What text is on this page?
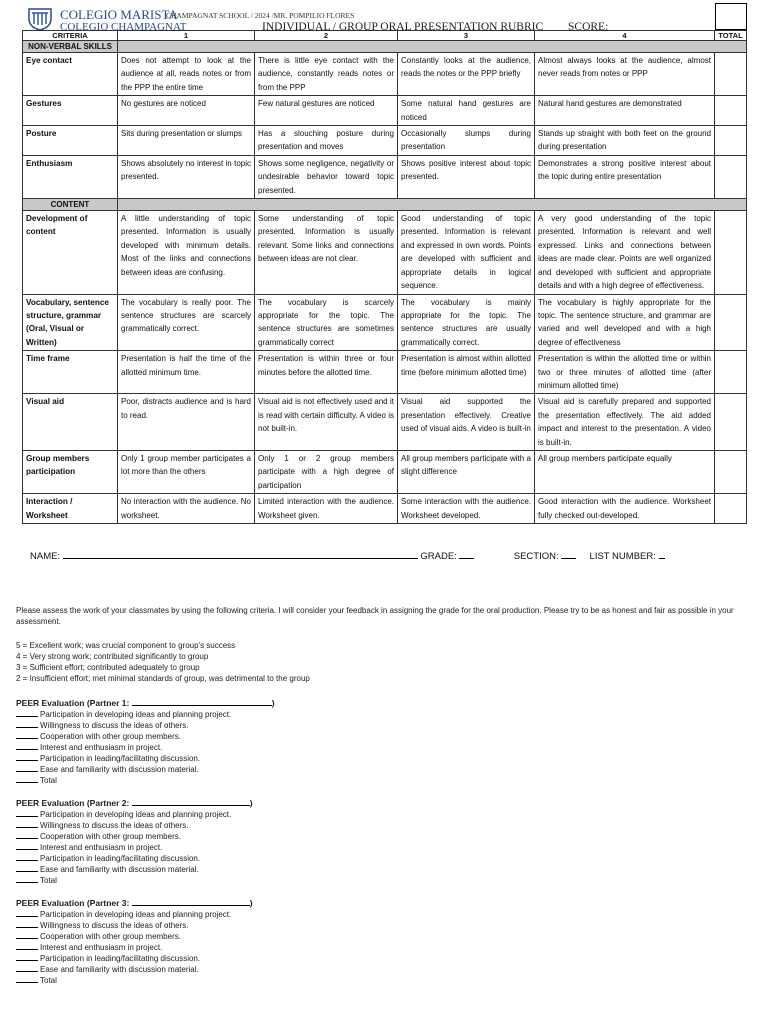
COLEGIO MARISTA
COLEGIO CHAMPAGNAT
CHAMPAGNAT SCHOOL / 2024 /MR. POMPILIO FLORES
INDIVIDUAL / GROUP ORAL PRESENTATION RUBRIC SCORE:
CRITERIA	1	2	3	4	TOTAL
NON-VERBAL SKILLS					
Eye contact	Does not attempt to look at the audience at all, reads notes or from the PPP the entire time	There is little eye contact with the audience, constantly reads notes or from the PPP	Constantly looks at the audience, reads the notes or the PPP briefly	Almost always looks at the audience, almost never reads from notes or PPP	
Gestures	No gestures are noticed	Few natural gestures are noticed	Some natural hand gestures are noticed	Natural hand gestures are demonstrated	
Posture	Sits during presentation or slumps	Has a slouching posture during presentation and moves	Occasionally slumps during presentation	Stands up straight with both feet on the ground during presentation	
Enthusiasm	Shows absolutely no interest in topic presented.	Shows some negligence, negativity or undesirable behavior toward topic presented.	Shows positive interest about topic presented.	Demonstrates a strong positive interest about the topic during entire presentation	
CONTENT					
Development of content	A little understanding of topic presented. Information is usually developed with minimum details. Most of the links and connections between ideas are confusing.	Some understanding of topic presented. Information is usually relevant. Some links and connections between ideas are not clear.	Good understanding of topic presented. Information is relevant and expressed in own words. Points are developed with sufficient and appropriate details in logical sequence.	A very good understanding of the topic presented. Information is relevant and well expressed. Links and connections between ideas are made clear. Points are well organized and developed with sufficient and appropriate details and with a high degree of effectiveness.	
Vocabulary, sentence structure, grammar (Oral, Visual or Written)	The vocabulary is really poor. The sentence structures are scarcely grammatically correct.	The vocabulary is scarcely appropriate for the topic. The sentence structures are sometimes grammatically correct	The vocabulary is mainly appropriate for the topic. The sentence structures are usually grammatically correct.	The vocabulary is highly appropriate for the topic. The sentence structure, and grammar are varied and well developed and with a high degree of effectiveness	
Time frame	Presentation is half the time of the allotted minimum time.	Presentation is within three or four minutes before the allotted time.	Presentation is almost within allotted time (before minimum allotted time)	Presentation is within the allotted time or within two or three minutes of allotted time (after minimum allotted time)	
Visual aid	Poor, distracts audience and is hard to read.	Visual aid is not effectively used and it is read with certain difficulty. A video is not built-in.	Visual aid supported the presentation effectively. Creative used of visual aids. A video is built-in	Visual aid is carefully prepared and supported the presentation effectively. The aid added impact and interest to the presentation. A video is built-in.	
Group members participation	Only 1 group member participates a lot more than the others	Only 1 or 2 group members participate with a high degree of participation	All group members participate with a slight difference	All group members participate equally	
Interaction / Worksheet	No interaction with the audience. No worksheet.	Limited interaction with the audience. Worksheet given.	Some interaction with the audience. Worksheet developed.	Good interaction with the audience. Worksheet fully checked out-developed.	
NAME:	GRADE:	SECTION:	LIST NUMBER:
Please assess the work of your classmates by using the following criteria. I will consider your feedback in assigning the grade for the oral production. Please try to be as honest and fair as possible in your assessment.
5 = Excellent work; was crucial component to group's success
4 = Very strong work; contributed significantly to group
3 = Sufficient effort; contributed adequately to group
2 = Insufficient effort; met minimal standards of group, was detrimental to the group
PEER Evaluation (Partner 1:	)
Participation in developing ideas and planning project.
Willingness to discuss the ideas of others.
Cooperation with other group members.
Interest and enthusiasm in project.
Participation in leading/facilitating discussion.
Ease and familiarity with discussion material.
Total
PEER Evaluation (Partner 2:	)
Participation in developing ideas and planning project.
Willingness to discuss the ideas of others.
Cooperation with other group members.
Interest and enthusiasm in project.
Participation in leading/facilitating discussion.
Ease and familiarity with discussion material.
Total
PEER Evaluation (Partner 3:	)
Participation in developing ideas and planning project.
Willingness to discuss the ideas of others.
Cooperation with other group members.
Interest and enthusiasm in project.
Participation in leading/facilitating discussion.
Ease and familiarity with discussion material.
Total
